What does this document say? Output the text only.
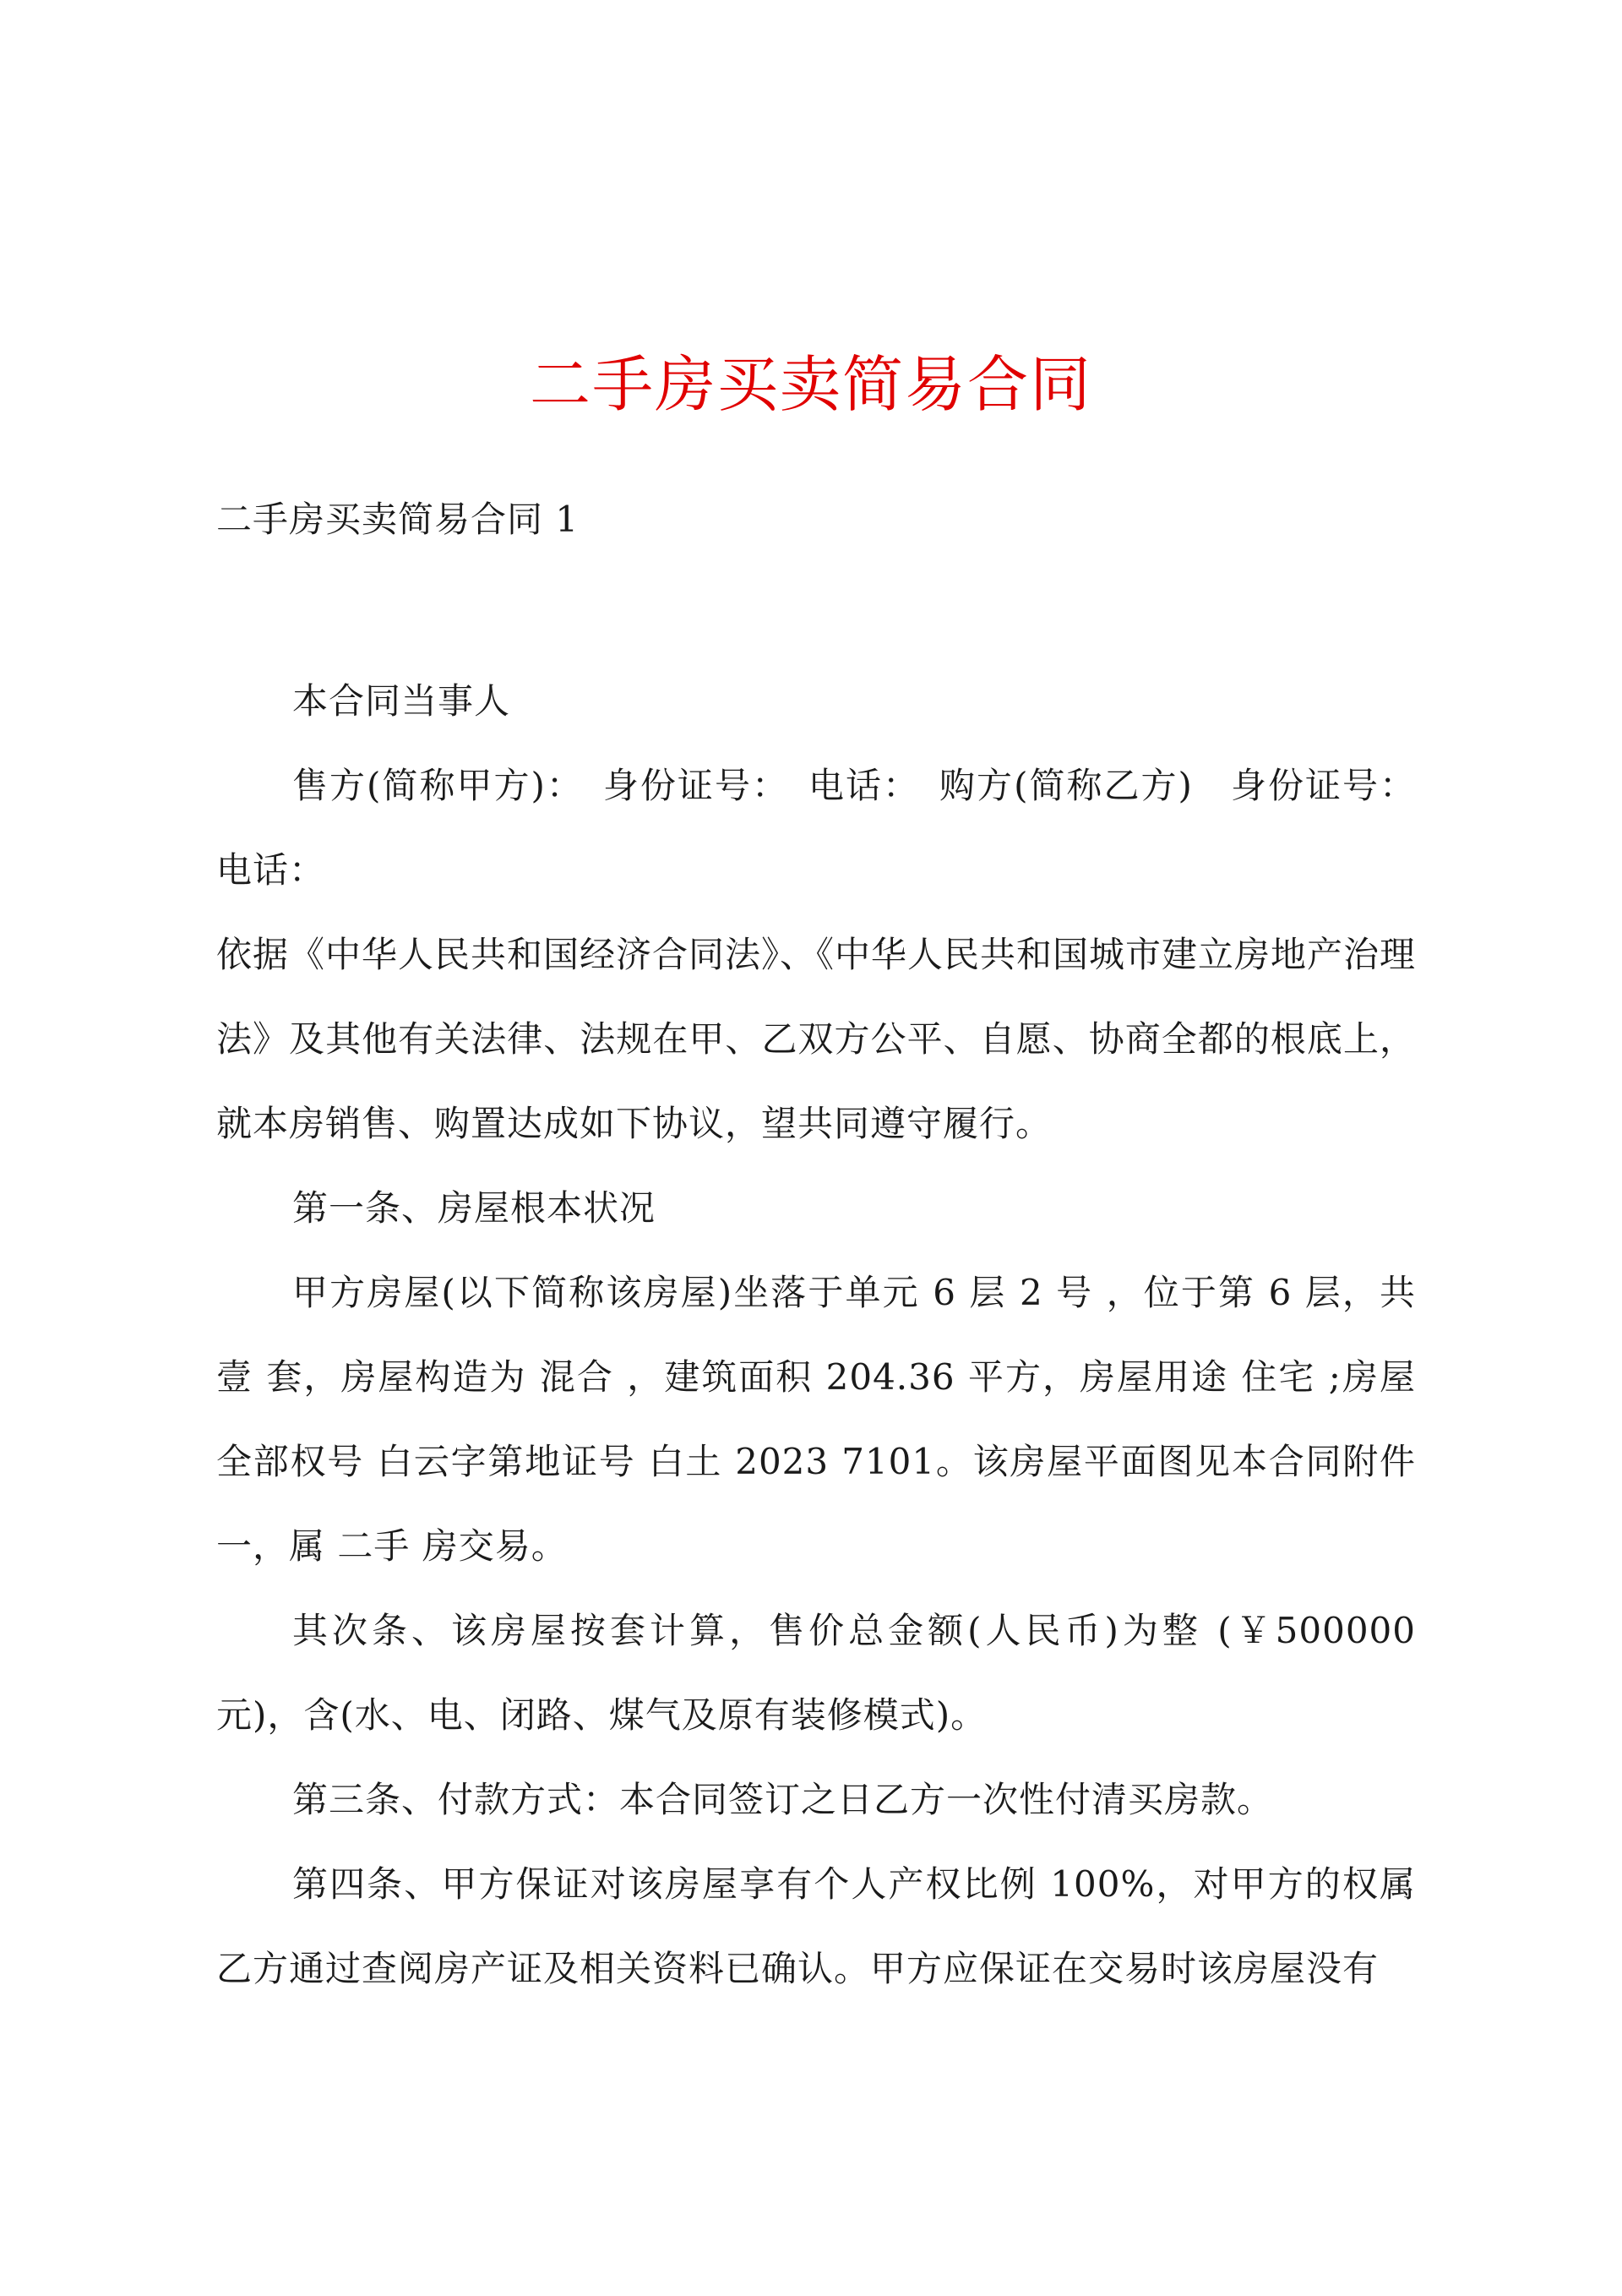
二手房买卖简易合同
二手房买卖简易合同 1

本合同当事人

售方(简称甲方)：　身份证号：　电话：　购方(简称乙方)　身份证号：电话：

依据《中华人民共和国经济合同法》、《中华人民共和国城市建立房地产治理法》及其他有关法律、法规在甲、乙双方公平、自愿、协商全都的根底上，就本房销售、购置达成如下协议，望共同遵守履行。

第一条、房屋根本状况

甲方房屋(以下简称该房屋)坐落于单元 6 层 2 号 ，位于第 6 层，共 壹 套，房屋构造为 混合 ，建筑面积 204.36 平方，房屋用途 住宅 ;房屋全部权号 白云字第地证号 白土 2023 7101。该房屋平面图见本合同附件一，属 二手 房交易。

其次条、该房屋按套计算，售价总金额(人民币)为整 (￥500000 元)，含(水、电、闭路、煤气及原有装修模式)。

第三条、付款方式：本合同签订之日乙方一次性付清买房款。

第四条、甲方保证对该房屋享有个人产权比例 100%，对甲方的权属乙方通过查阅房产证及相关资料已确认。甲方应保证在交易时该房屋没有
